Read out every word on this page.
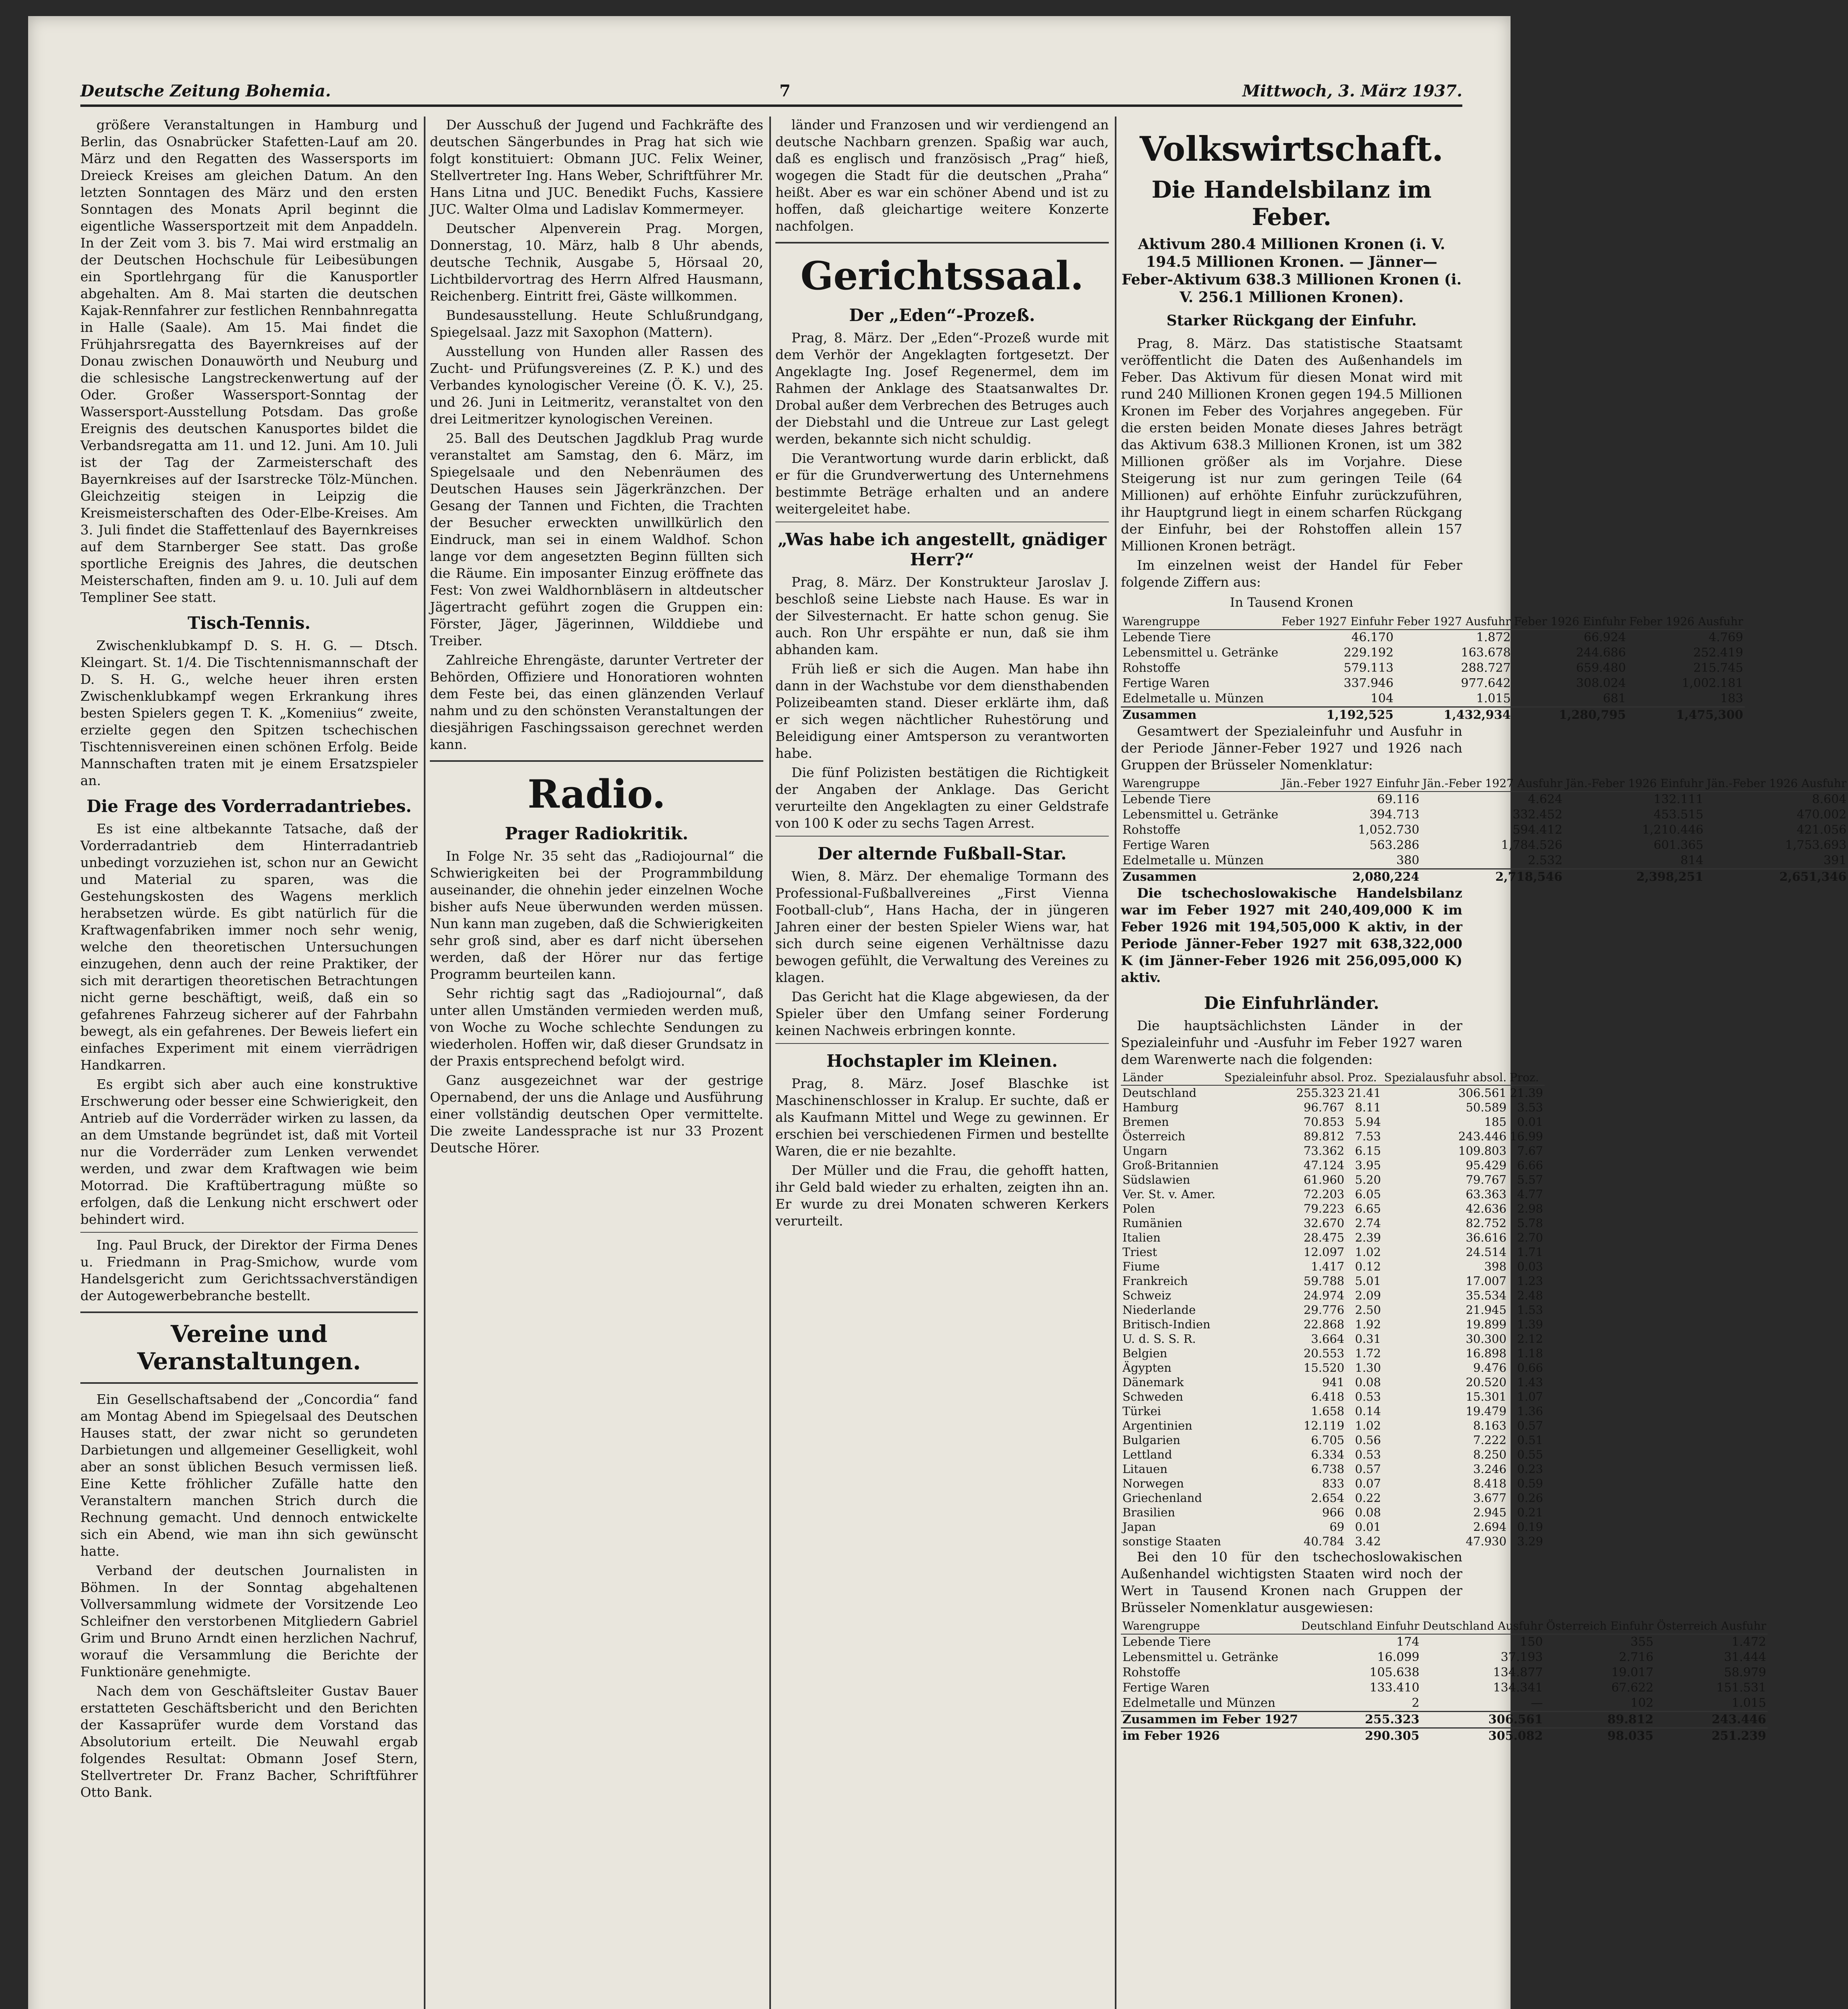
Deutsche Zeitung Bohemia.	7	Mittwoch, 3. März 1937.

größere Veranstaltungen in Hamburg und Berlin, das Osnabrücker Stafetten-Lauf am 20. März und den Regatten des Wassersports im Dreieck Kreises am gleichen Datum. An den letzten Sonntagen des März und den ersten Sonntagen des Monats April beginnt die eigentliche Wassersportzeit mit dem Anpaddeln. In der Zeit vom 3. bis 7. Mai wird erstmalig an der Deutschen Hochschule für Leibesübungen ein Sportlehrgang für die Kanusportler abgehalten. Am 8. Mai starten die deutschen Kajak-Rennfahrer zur festlichen Rennbahnregatta in Halle (Saale). Am 15. Mai findet die Frühjahrsregatta des Bayernkreises auf der Donau zwischen Donauwörth und Neuburg und die schlesische Langstreckenwertung auf der Oder. Großer Wassersport-Sonntag der Wassersport-Ausstellung Potsdam. Das große Ereignis des deutschen Kanusportes bildet die Verbandsregatta am 11. und 12. Juni. Am 10. Juli ist der Tag der Zarmeisterschaft des Bayernkreises auf der Isarstrecke Tölz-München. Gleichzeitig steigen in Leipzig die Kreismeisterschaften des Oder-Elbe-Kreises. Am 3. Juli findet die Staffettenlauf des Bayernkreises auf dem Starnberger See statt. Das große sportliche Ereignis des Jahres, die deutschen Meisterschaften, finden am 9. u. 10. Juli auf dem Templiner See statt.

Tisch-Tennis.

Zwischenklubkampf D. S. H. G. — Dtsch. Kleingart. St. 1/4. Die Tischtennismannschaft der D. S. H. G., welche heuer ihren ersten Zwischenklubkampf wegen Erkrankung ihres besten Spielers gegen T. K. „Komeniius“ zweite, erzielte gegen den Spitzen tschechischen Tischtennisvereinen einen schönen Erfolg. Beide Mannschaften traten mit je einem Ersatzspieler an.

Die Frage des Vorderradantriebes.

Es ist eine altbekannte Tatsache, daß der Vorderradantrieb dem Hinterradantrieb unbedingt vorzuziehen ist, schon nur an Gewicht und Material zu sparen, was die Gestehungskosten des Wagens merklich herabsetzen würde. Es gibt natürlich für die Kraftwagenfabriken immer noch sehr wenig, welche den theoretischen Untersuchungen einzugehen, denn auch der reine Praktiker, der sich mit derartigen theoretischen Betrachtungen nicht gerne beschäftigt, weiß, daß ein so gefahrenes Fahrzeug sicherer auf der Fahrbahn bewegt, als ein gefahrenes. Der Beweis liefert ein einfaches Experiment mit einem vierrädrigen Handkarren.

Es ergibt sich aber auch eine konstruktive Erschwerung oder besser eine Schwierigkeit, den Antrieb auf die Vorderräder wirken zu lassen, da an dem Umstande begründet ist, daß mit Vorteil nur die Vorderräder zum Lenken verwendet werden, und zwar dem Kraftwagen wie beim Motorrad. Die Kraftübertragung müßte so erfolgen, daß die Lenkung nicht erschwert oder behindert wird.

Ing. Paul Bruck, der Direktor der Firma Denes u. Friedmann in Prag-Smichow, wurde vom Handelsgericht zum Gerichtssachverständigen der Autogewerbebranche bestellt.

Vereine und Veranstaltungen.

Ein Gesellschaftsabend der „Concordia“ fand am Montag Abend im Spiegelsaal des Deutschen Hauses statt, der zwar nicht so gerundeten Darbietungen und allgemeiner Geselligkeit, wohl aber an sonst üblichen Besuch vermissen ließ. Eine Kette fröhlicher Zufälle hatte den Veranstaltern manchen Strich durch die Rechnung gemacht. Und dennoch entwickelte sich ein Abend, wie man ihn sich gewünscht hatte.

Verband der deutschen Journalisten in Böhmen. In der Sonntag abgehaltenen Vollversammlung widmete der Vorsitzende Leo Schleifner den verstorbenen Mitgliedern Gabriel Grim und Bruno Arndt einen herzlichen Nachruf, worauf die Versammlung die Berichte der Funktionäre genehmigte.

Nach dem von Geschäftsleiter Gustav Bauer erstatteten Geschäftsbericht und den Berichten der Kassaprüfer wurde dem Vorstand das Absolutorium erteilt. Die Neuwahl ergab folgendes Resultat: Obmann Josef Stern, Stellvertreter Dr. Franz Bacher, Schriftführer Otto Bank.

Der Ausschuß der Jugend und Fachkräfte des deutschen Sängerbundes in Prag hat sich wie folgt konstituiert: Obmann JUC. Felix Weiner, Stellvertreter Ing. Hans Weber, Schriftführer Mr. Hans Litna und JUC. Benedikt Fuchs, Kassiere JUC. Walter Olma und Ladislav Kommermeyer.

Deutscher Alpenverein Prag. Morgen, Donnerstag, 10. März, halb 8 Uhr abends, deutsche Technik, Ausgabe 5, Hörsaal 20, Lichtbildervortrag des Herrn Alfred Hausmann, Reichenberg. Eintritt frei, Gäste willkommen.

Bundesausstellung. Heute Schlußrundgang, Spiegelsaal. Jazz mit Saxophon (Mattern).

Ausstellung von Hunden aller Rassen des Zucht- und Prüfungsvereines (Z. P. K.) und des Verbandes kynologischer Vereine (Ö. K. V.), 25. und 26. Juni in Leitmeritz, veranstaltet von den drei Leitmeritzer kynologischen Vereinen.

25. Ball des Deutschen Jagdklub Prag wurde veranstaltet am Samstag, den 6. März, im Spiegelsaale und den Nebenräumen des Deutschen Hauses sein Jägerkränzchen. Der Gesang der Tannen und Fichten, die Trachten der Besucher erweckten unwillkürlich den Eindruck, man sei in einem Waldhof. Schon lange vor dem angesetzten Beginn füllten sich die Räume. Ein imposanter Einzug eröffnete das Fest: Von zwei Waldhornbläsern in altdeutscher Jägertracht geführt zogen die Gruppen ein: Förster, Jäger, Jägerinnen, Wilddiebe und Treiber.

Zahlreiche Ehrengäste, darunter Vertreter der Behörden, Offiziere und Honoratioren wohnten dem Feste bei, das einen glänzenden Verlauf nahm und zu den schönsten Veranstaltungen der diesjährigen Faschingssaison gerechnet werden kann.

Radio.
Prager Radiokritik.

In Folge Nr. 35 seht das „Radiojournal“ die Schwierigkeiten bei der Programmbildung auseinander, die ohnehin jeder einzelnen Woche bisher aufs Neue überwunden werden müssen. Nun kann man zugeben, daß die Schwierigkeiten sehr groß sind, aber es darf nicht übersehen werden, daß der Hörer nur das fertige Programm beurteilen kann.

Sehr richtig sagt das „Radiojournal“, daß unter allen Umständen vermieden werden muß, von Woche zu Woche schlechte Sendungen zu wiederholen. Hoffen wir, daß dieser Grundsatz in der Praxis entsprechend befolgt wird.

Ganz ausgezeichnet war der gestrige Opernabend, der uns die Anlage und Ausführung einer vollständig deutschen Oper vermittelte. Die zweite Landessprache ist nur 33 Prozent Deutsche Hörer.

länder und Franzosen und wir verdiengend an deutsche Nachbarn grenzen. Spaßig war auch, daß es englisch und französisch „Prag“ hieß, wogegen die Stadt für die deutschen „Praha“ heißt. Aber es war ein schöner Abend und ist zu hoffen, daß gleichartige weitere Konzerte nachfolgen.

Gerichtssaal.
Der „Eden“-Prozeß.

Prag, 8. März. Der „Eden“-Prozeß wurde mit dem Verhör der Angeklagten fortgesetzt. Der Angeklagte Ing. Josef Regenermel, dem im Rahmen der Anklage des Staatsanwaltes Dr. Drobal außer dem Verbrechen des Betruges auch der Diebstahl und die Untreue zur Last gelegt werden, bekannte sich nicht schuldig.

Die Verantwortung wurde darin erblickt, daß er für die Grundverwertung des Unternehmens bestimmte Beträge erhalten und an andere weitergeleitet habe.

„Was habe ich angestellt, gnädiger Herr?“

Prag, 8. März. Der Konstrukteur Jaroslav J. beschloß seine Liebste nach Hause. Es war in der Silvesternacht. Er hatte schon genug. Sie auch. Ron Uhr erspähte er nun, daß sie ihm abhanden kam.

Früh ließ er sich die Augen. Man habe ihn dann in der Wachstube vor dem diensthabenden Polizeibeamten stand. Dieser erklärte ihm, daß er sich wegen nächtlicher Ruhestörung und Beleidigung einer Amtsperson zu verantworten habe.

Die fünf Polizisten bestätigen die Richtigkeit der Angaben der Anklage. Das Gericht verurteilte den Angeklagten zu einer Geldstrafe von 100 K oder zu sechs Tagen Arrest.

Der alternde Fußball-Star.

Wien, 8. März. Der ehemalige Tormann des Professional-Fußballvereines „First Vienna Football-club“, Hans Hacha, der in jüngeren Jahren einer der besten Spieler Wiens war, hat sich durch seine eigenen Verhältnisse dazu bewogen gefühlt, die Verwaltung des Vereines zu klagen.

Das Gericht hat die Klage abgewiesen, da der Spieler über den Umfang seiner Forderung keinen Nachweis erbringen konnte.

Hochstapler im Kleinen.

Prag, 8. März. Josef Blaschke ist Maschinenschlosser in Kralup. Er suchte, daß er als Kaufmann Mittel und Wege zu gewinnen. Er erschien bei verschiedenen Firmen und bestellte Waren, die er nie bezahlte.

Der Müller und die Frau, die gehofft hatten, ihr Geld bald wieder zu erhalten, zeigten ihn an. Er wurde zu drei Monaten schweren Kerkers verurteilt.

Volkswirtschaft.
Die Handelsbilanz im Feber.
Aktivum 280.4 Millionen Kronen (i. V. 194.5 Millionen Kronen. — Jänner—Feber-Aktivum 638.3 Millionen Kronen (i. V. 256.1 Millionen Kronen).
Starker Rückgang der Einfuhr.

Prag, 8. März. Das statistische Staatsamt veröffentlicht die Daten des Außenhandels im Feber. Das Aktivum für diesen Monat wird mit rund 240 Millionen Kronen gegen 194.5 Millionen Kronen im Feber des Vorjahres angegeben. Für die ersten beiden Monate dieses Jahres beträgt das Aktivum 638.3 Millionen Kronen, ist um 382 Millionen größer als im Vorjahre. Diese Steigerung ist nur zum geringen Teile (64 Millionen) auf erhöhte Einfuhr zurückzuführen, ihr Hauptgrund liegt in einem scharfen Rückgang der Einfuhr, bei der Rohstoffen allein 157 Millionen Kronen beträgt.

Im einzelnen weist der Handel für Feber folgende Ziffern aus:

In Tausend Kronen
Warengruppe	Feber 1927 Einfuhr	Feber 1927 Ausfuhr	Feber 1926 Einfuhr	Feber 1926 Ausfuhr
Lebende Tiere	46.170	1.872	66.924	4.769
Lebensmittel u. Getränke	229.192	163.678	244.686	252.419
Rohstoffe	579.113	288.727	659.480	215.745
Fertige Waren	337.946	977.642	308.024	1,002.181
Edelmetalle u. Münzen	104	1.015	681	183
Zusammen	1,192,525	1,432,934	1,280,795	1,475,300

Gesamtwert der Spezialeinfuhr und Ausfuhr in der Periode Jänner-Feber 1927 und 1926 nach Gruppen der Brüsseler Nomenklatur:

Warengruppe	Jän.-Feber 1927 Einfuhr	Jän.-Feber 1927 Ausfuhr	Jän.-Feber 1926 Einfuhr	Jän.-Feber 1926 Ausfuhr
Lebende Tiere	69.116	4.624	132.111	8.604
Lebensmittel u. Getränke	394.713	332.452	453.515	470.002
Rohstoffe	1,052.730	594.412	1,210.446	421.056
Fertige Waren	563.286	1,784.526	601.365	1,753.693
Edelmetalle u. Münzen	380	2.532	814	391
Zusammen	2,080,224	2,718,546	2,398,251	2,651,346

Die tschechoslowakische Handelsbilanz war im Feber 1927 mit 240,409,000 K im Feber 1926 mit 194,505,000 K aktiv, in der Periode Jänner-Feber 1927 mit 638,322,000 K (im Jänner-Feber 1926 mit 256,095,000 K) aktiv.

Die Einfuhrländer.

Die hauptsächlichsten Länder in der Spezialeinfuhr und -Ausfuhr im Feber 1927 waren dem Warenwerte nach die folgenden:

Länder	Spezialeinfuhr absol.	Proz.	Spezialausfuhr absol.	Proz.
Deutschland	255.323	21.41	306.561	21.39
Hamburg	96.767	8.11	50.589	3.53
Bremen	70.853	5.94	185	0.01
Österreich	89.812	7.53	243.446	16.99
Ungarn	73.362	6.15	109.803	7.67
Groß-Britannien	47.124	3.95	95.429	6.66
Südslawien	61.960	5.20	79.767	5.57
Ver. St. v. Amer.	72.203	6.05	63.363	4.77
Polen	79.223	6.65	42.636	2.98
Rumänien	32.670	2.74	82.752	5.78
Italien	28.475	2.39	36.616	2.70
Triest	12.097	1.02	24.514	1.71
Fiume	1.417	0.12	398	0.03
Frankreich	59.788	5.01	17.007	1.23
Schweiz	24.974	2.09	35.534	2.48
Niederlande	29.776	2.50	21.945	1.53
Britisch-Indien	22.868	1.92	19.899	1.39
U. d. S. S. R.	3.664	0.31	30.300	2.12
Belgien	20.553	1.72	16.898	1.18
Ägypten	15.520	1.30	9.476	0.66
Dänemark	941	0.08	20.520	1.43
Schweden	6.418	0.53	15.301	1.07
Türkei	1.658	0.14	19.479	1.36
Argentinien	12.119	1.02	8.163	0.57
Bulgarien	6.705	0.56	7.222	0.51
Lettland	6.334	0.53	8.250	0.55
Litauen	6.738	0.57	3.246	0.23
Norwegen	833	0.07	8.418	0.59
Griechenland	2.654	0.22	3.677	0.26
Brasilien	966	0.08	2.945	0.21
Japan	69	0.01	2.694	0.19
sonstige Staaten	40.784	3.42	47.930	3.29

Bei den 10 für den tschechoslowakischen Außenhandel wichtigsten Staaten wird noch der Wert in Tausend Kronen nach Gruppen der Brüsseler Nomenklatur ausgewiesen:

Warengruppe	Deutschland Einfuhr	Deutschland Ausfuhr	Österreich Einfuhr	Österreich Ausfuhr
Lebende Tiere	174	150	355	1.472
Lebensmittel u. Getränke	16.099	37.193	2.716	31.444
Rohstoffe	105.638	134.877	19.017	58.979
Fertige Waren	133.410	134.341	67.622	151.531
Edelmetalle und Münzen	2	—	102	1.015
Zusammen im Feber 1927	255.323	306.561	89.812	243.446
im Feber 1926	290.305	305.082	98.035	251.239
